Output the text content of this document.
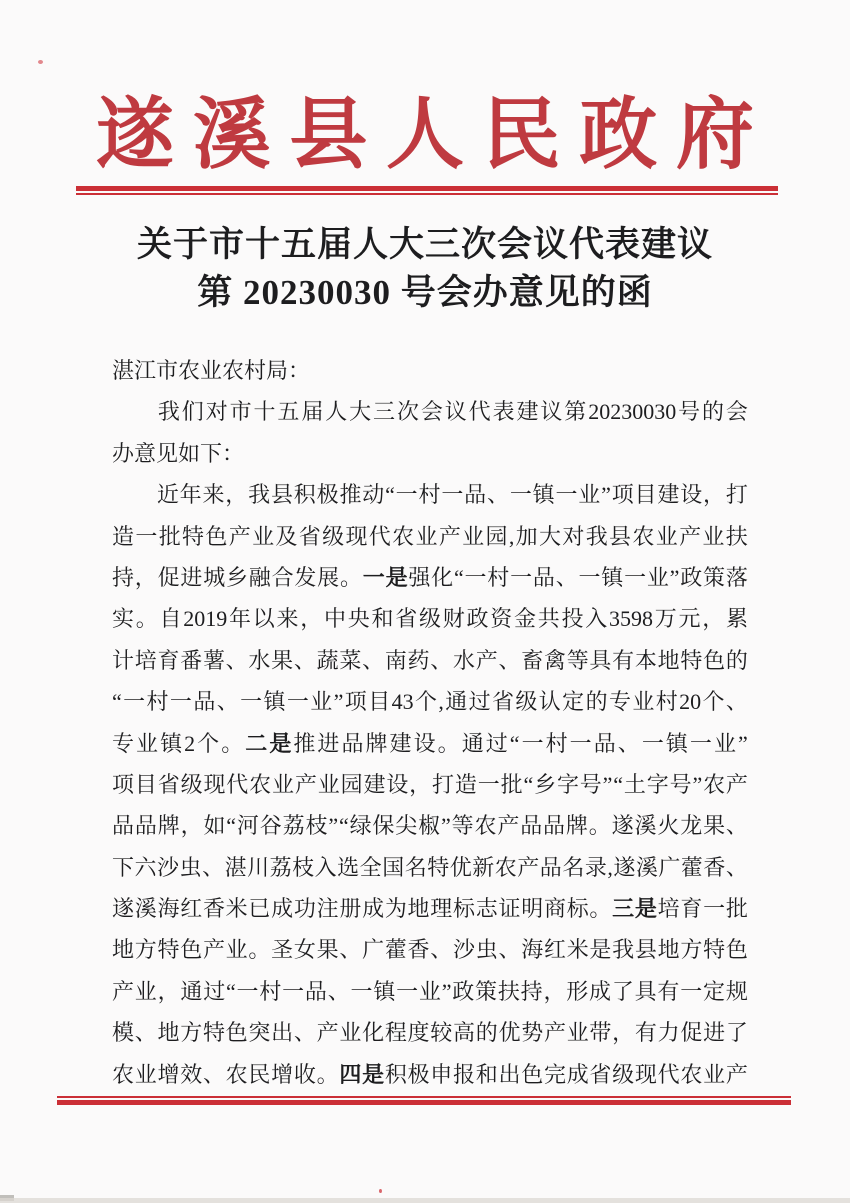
遂 溪 县 人 民 政 府
关于市十五届人大三次会议代表建议
第 20230030 号会办意见的函
湛江市农业农村局：
我 们 对 市 十 五 届 人 大 三 次 会 议 代 表 建 议 第 20230030 号 的 会
办意见如下：
近 年 来 ， 我 县 积 极 推 动 “ 一 村 一 品 、 一 镇 一 业 ” 项 目 建 设 ， 打
造 一 批 特 色 产 业 及 省 级 现 代 农 业 产 业 园 , 加 大 对 我 县 农 业 产 业 扶
持 ， 促 进 城 乡 融 合 发 展 。 一 是 强 化 “ 一 村 一 品 、 一 镇 一 业 ” 政 策 落
实 。 自 2019 年 以 来 ， 中 央 和 省 级 财 政 资 金 共 投 入 3598 万 元 ， 累
计 培 育 番 薯 、 水 果 、 蔬 菜 、 南 药 、 水 产 、 畜 禽 等 具 有 本 地 特 色 的
“ 一 村 一 品 、 一 镇 一 业 ” 项 目 43 个 , 通 过 省 级 认 定 的 专 业 村 20 个 、
专 业 镇 2 个 。 二 是 推 进 品 牌 建 设 。 通 过 “ 一 村 一 品 、 一 镇 一 业 ”
项 目 省 级 现 代 农 业 产 业 园 建 设 ， 打 造 一 批 “ 乡 字 号 ” “ 土 字 号 ” 农 产
品 品 牌 ， 如 “ 河 谷 荔 枝 ” “ 绿 保 尖 椒 ” 等 农 产 品 品 牌 。 遂 溪 火 龙 果 、
下 六 沙 虫 、 湛 川 荔 枝 入 选 全 国 名 特 优 新 农 产 品 名 录 , 遂 溪 广 藿 香 、
遂 溪 海 红 香 米 已 成 功 注 册 成 为 地 理 标 志 证 明 商 标 。 三 是 培 育 一 批
地 方 特 色 产 业 。 圣 女 果 、 广 藿 香 、 沙 虫 、 海 红 米 是 我 县 地 方 特 色
产 业 ， 通 过 “ 一 村 一 品 、 一 镇 一 业 ” 政 策 扶 持 ， 形 成 了 具 有 一 定 规
模 、 地 方 特 色 突 出 、 产 业 化 程 度 较 高 的 优 势 产 业 带 ， 有 力 促 进 了
农 业 增 效 、 农 民 增 收 。 四 是 积 极 申 报 和 出 色 完 成 省 级 现 代 农 业 产
